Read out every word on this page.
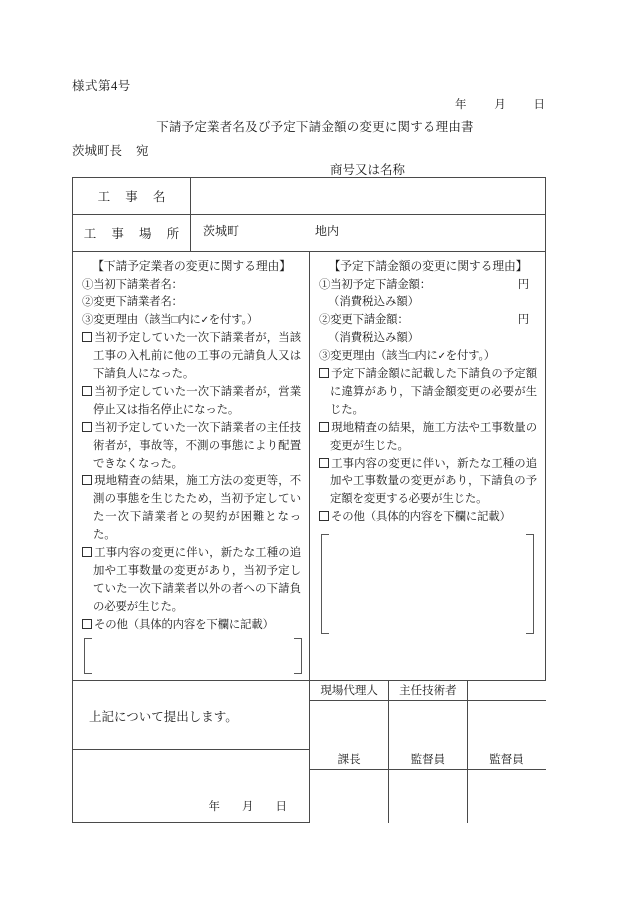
様式第4号
年 月 日
下請予定業者名及び予定下請金額の変更に関する理由書
茨城町長 宛
商号又は名称
工 事 名	
工 事 場 所	茨城町	地内

【下請予定業者の変更に関する理由】
①当初下請業者名：
②変更下請業者名：
③変更理由（該当□内に✓を付す。）
当初予定していた一次下請業者が，当該工事の入札前に他の工事の元請負人又は下請負人になった。
当初予定していた一次下請業者が，営業停止又は指名停止になった。
当初予定していた一次下請業者の主任技術者が，事故等，不測の事態により配置できなくなった。
現地精査の結果，施工方法の変更等，不測の事態を生じたため，当初予定していた一次下請業者との契約が困難となった。
工事内容の変更に伴い，新たな工種の追加や工事数量の変更があり，当初予定していた一次下請業者以外の者への下請負の必要が生じた。
その他（具体的内容を下欄に記載）

【予定下請金額の変更に関する理由】
①当初予定下請金額：	円
（消費税込み額）
②変更下請金額：	円
（消費税込み額）
③変更理由（該当□内に✓を付す。）
予定下請金額に記載した下請負の予定額に違算があり，下請金額変更の必要が生じた。
現地精査の結果，施工方法や工事数量の変更が生じた。
工事内容の変更に伴い，新たな工種の追加や工事数量の変更があり，下請負の予定額を変更する必要が生じた。
その他（具体的内容を下欄に記載）

上記について提出します。	
現場代理人	主任技術者	

年 月 日	
課長	監督員	監督員
